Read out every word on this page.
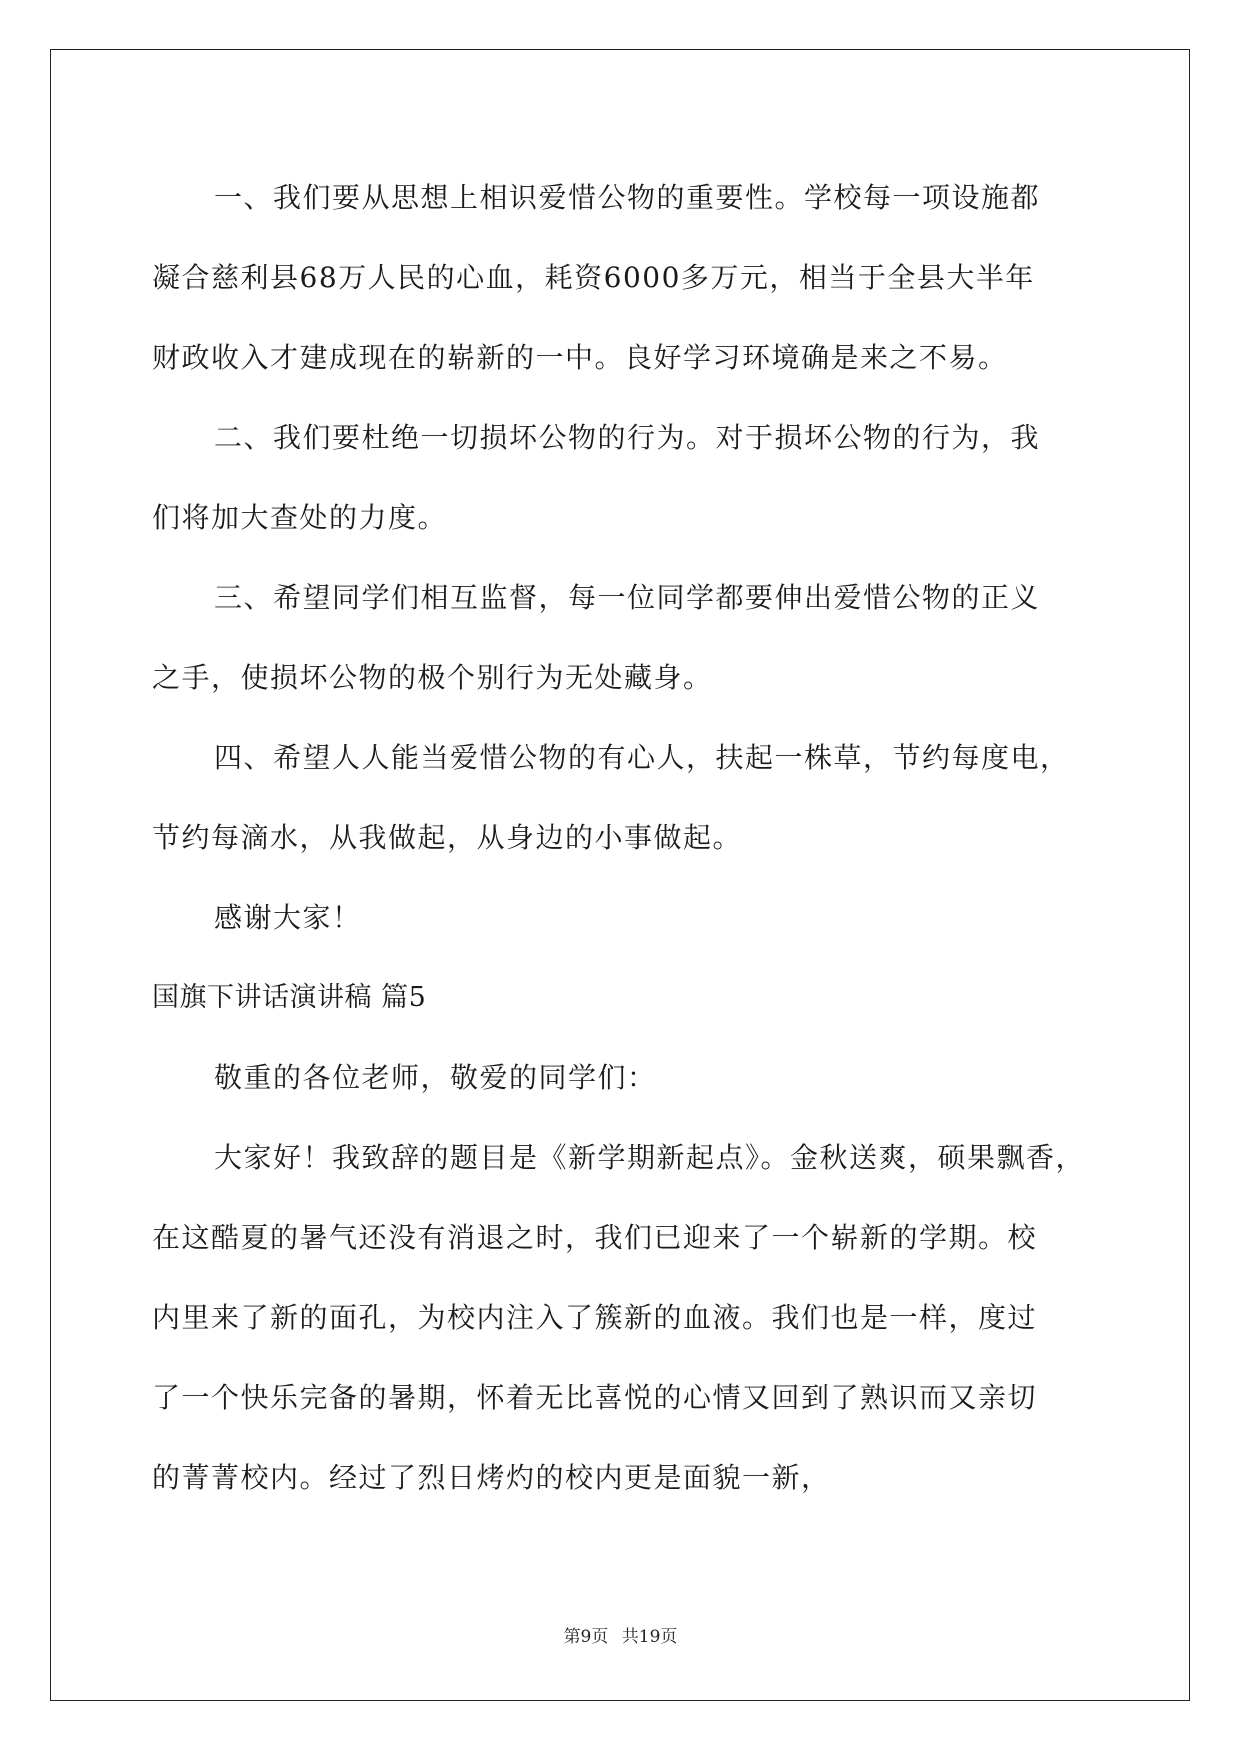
一、我们要从思想上相识爱惜公物的重要性。学校每一项设施都
凝合慈利县68万人民的心血，耗资6000多万元，相当于全县大半年
财政收入才建成现在的崭新的一中。良好学习环境确是来之不易。
二、我们要杜绝一切损坏公物的行为。对于损坏公物的行为，我
们将加大查处的力度。
三、希望同学们相互监督，每一位同学都要伸出爱惜公物的正义
之手，使损坏公物的极个别行为无处藏身。
四、希望人人能当爱惜公物的有心人，扶起一株草，节约每度电，
节约每滴水，从我做起，从身边的小事做起。
感谢大家！
国旗下讲话演讲稿 篇5
敬重的各位老师，敬爱的同学们：
大家好！我致辞的题目是《新学期新起点》。金秋送爽，硕果飘香，
在这酷夏的暑气还没有消退之时，我们已迎来了一个崭新的学期。校
内里来了新的面孔，为校内注入了簇新的血液。我们也是一样，度过
了一个快乐完备的暑期，怀着无比喜悦的心情又回到了熟识而又亲切
的菁菁校内。经过了烈日烤灼的校内更是面貌一新，
第9页 共19页
